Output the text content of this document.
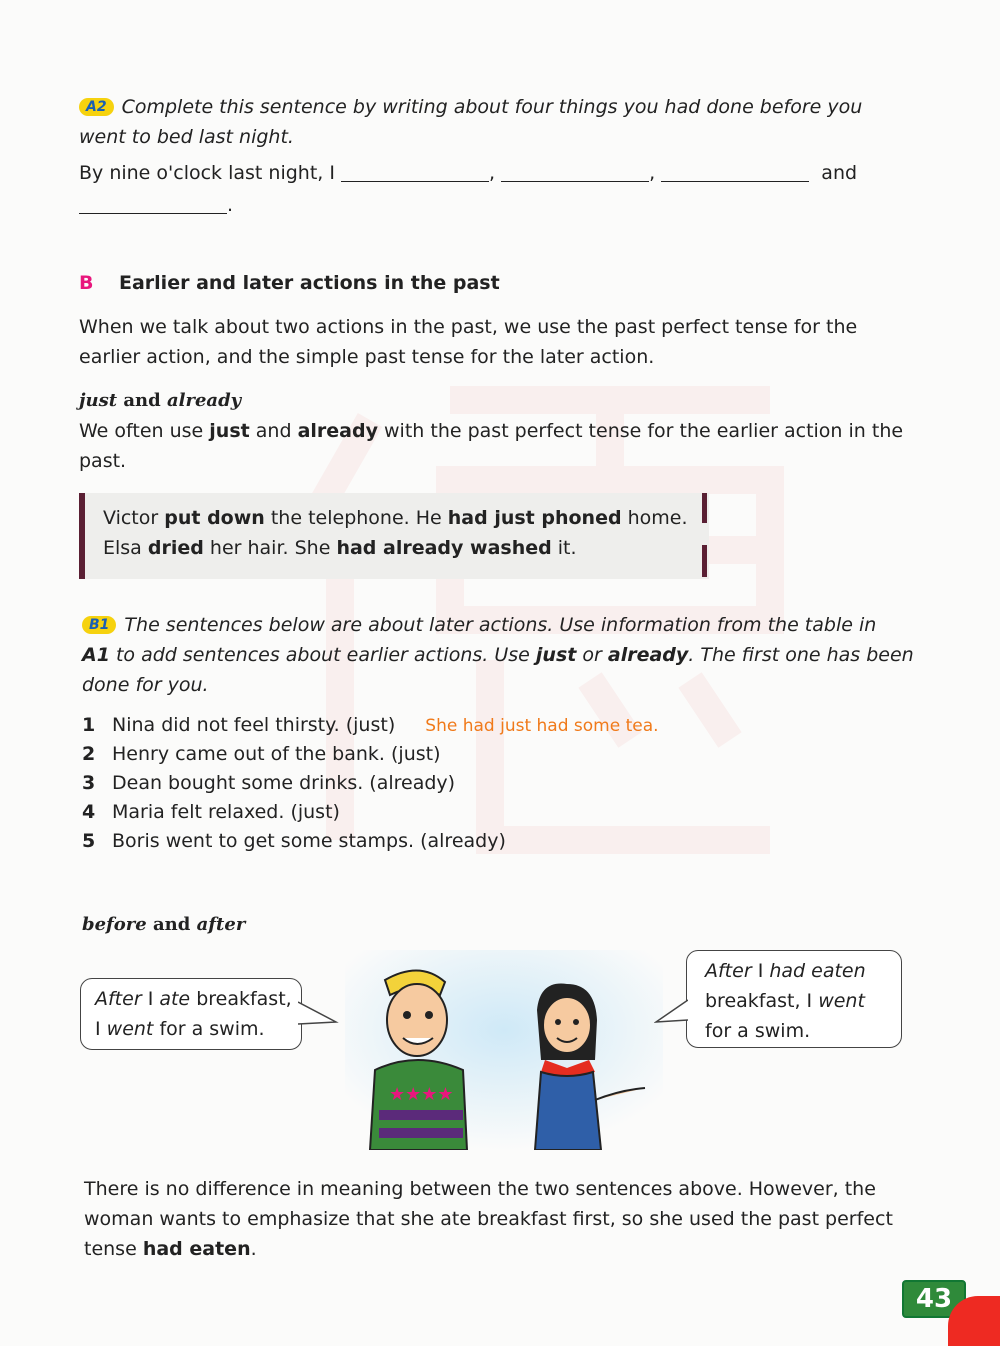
A2 Complete this sentence by writing about four things you had done before you
went to bed last night.
By nine o'clock last night, I	,	,	and
.
B Earlier and later actions in the past
When we talk about two actions in the past, we use the past perfect tense for the
earlier action, and the simple past tense for the later action.
just and already
We often use just and already with the past perfect tense for the earlier action in the
past.
Victor put down the telephone. He had just phoned home.
Elsa dried her hair. She had already washed it.
B1 The sentences below are about later actions. Use information from the table in
A1 to add sentences about earlier actions. Use just or already. The first one has been
done for you.
1 Nina did not feel thirsty. (just) She had just had some tea.
2 Henry came out of the bank. (just)
3 Dean bought some drinks. (already)
4 Maria felt relaxed. (just)
5 Boris went to get some stamps. (already)
before and after
★★★★
After I ate breakfast,
I went for a swim.
After I had eaten
breakfast, I went
for a swim.
There is no difference in meaning between the two sentences above. However, the
woman wants to emphasize that she ate breakfast first, so she used the past perfect
tense had eaten.
43
